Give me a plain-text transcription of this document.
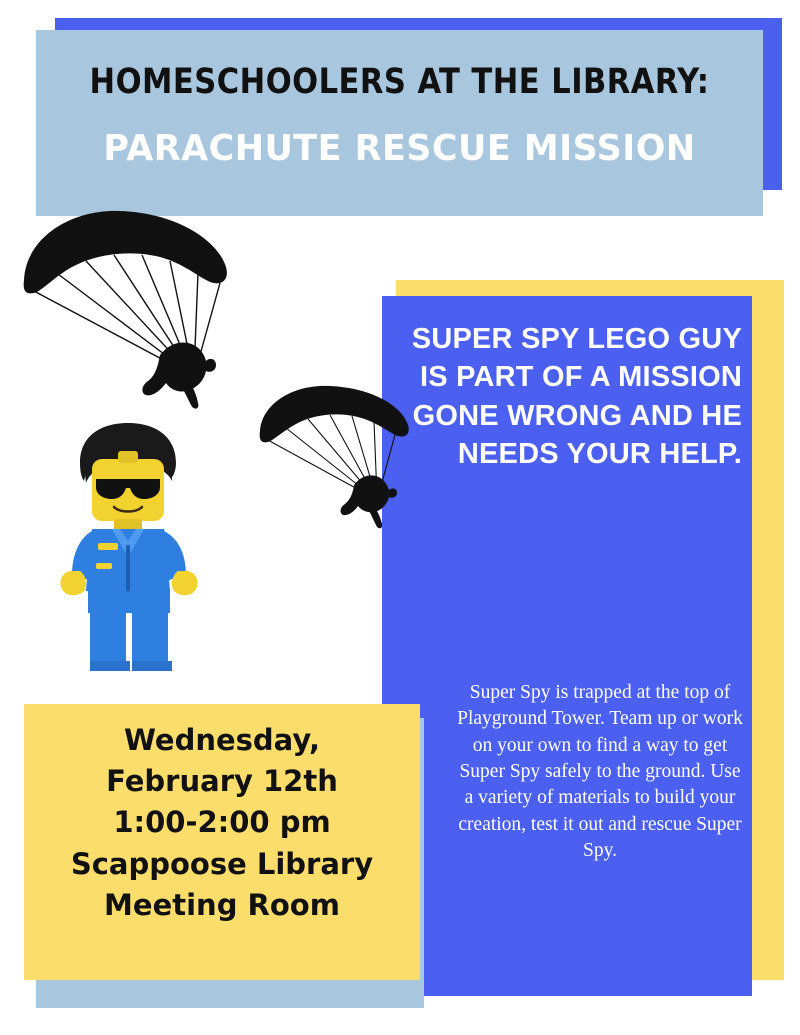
HOMESCHOOLERS AT THE LIBRARY:
PARACHUTE RESCUE MISSION
SUPER SPY LEGO GUY IS PART OF A MISSION GONE WRONG AND HE NEEDS YOUR HELP.
Super Spy is trapped at the top of Playground Tower. Team up or work on your own to find a way to get Super Spy safely to the ground. Use a variety of materials to build your creation, test it out and rescue Super Spy.
Wednesday,
February 12th
1:00-2:00 pm
Scappoose Library
Meeting Room
